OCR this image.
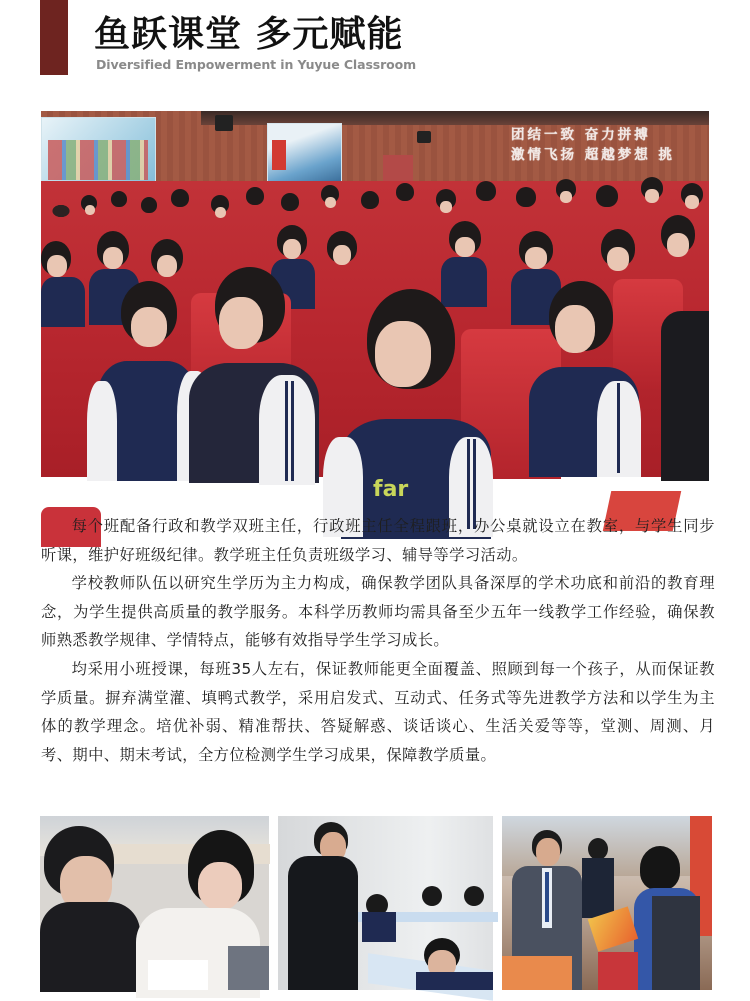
鱼跃课堂 多元赋能
Diversified Empowerment in Yuyue Classroom
团结一致 奋力拼搏
激情飞扬 超越梦想 挑
far

每个班配备行政和教学双班主任，行政班主任全程跟班，办公桌就设立在教室，与学生同步听课，维护好班级纪律。教学班主任负责班级学习、辅导等学习活动。

学校教师队伍以研究生学历为主力构成，确保教学团队具备深厚的学术功底和前沿的教育理念，为学生提供高质量的教学服务。本科学历教师均需具备至少五年一线教学工作经验，确保教师熟悉教学规律、学情特点，能够有效指导学生学习成长。

均采用小班授课，每班35人左右，保证教师能更全面覆盖、照顾到每一个孩子，从而保证教学质量。摒弃满堂灌、填鸭式教学，采用启发式、互动式、任务式等先进教学方法和以学生为主体的教学理念。培优补弱、精准帮扶、答疑解惑、谈话谈心、生活关爱等等，堂测、周测、月考、期中、期末考试，全方位检测学生学习成果，保障教学质量。
